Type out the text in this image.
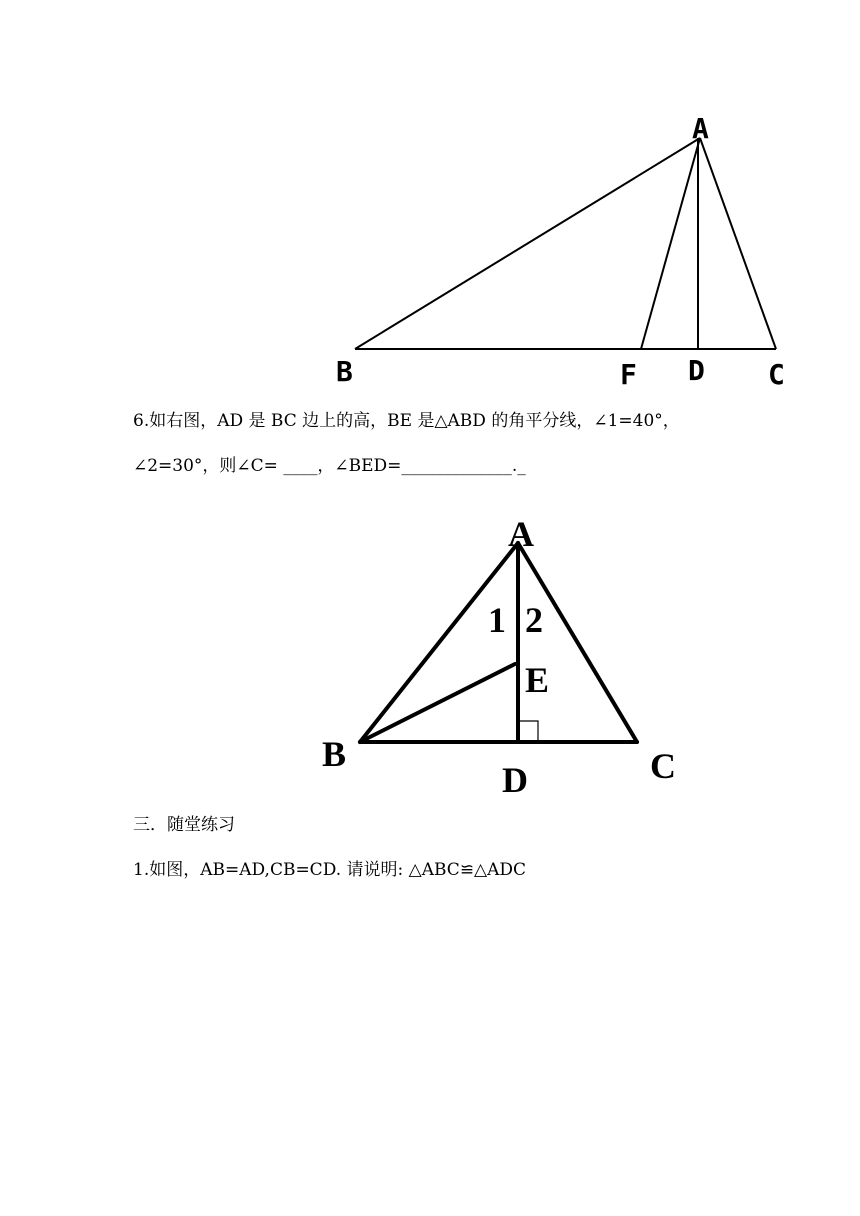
A
B	F D C
6.如右图，AD 是 BC 边上的高，BE 是△ABD 的角平分线，∠1=40°，
∠2=30°，则∠C= ____，∠BED=_____________._
A
1 2
E
B
D	C
三．随堂练习
1.如图，AB=AD,CB=CD. 请说明: △ABC≌△ADC
